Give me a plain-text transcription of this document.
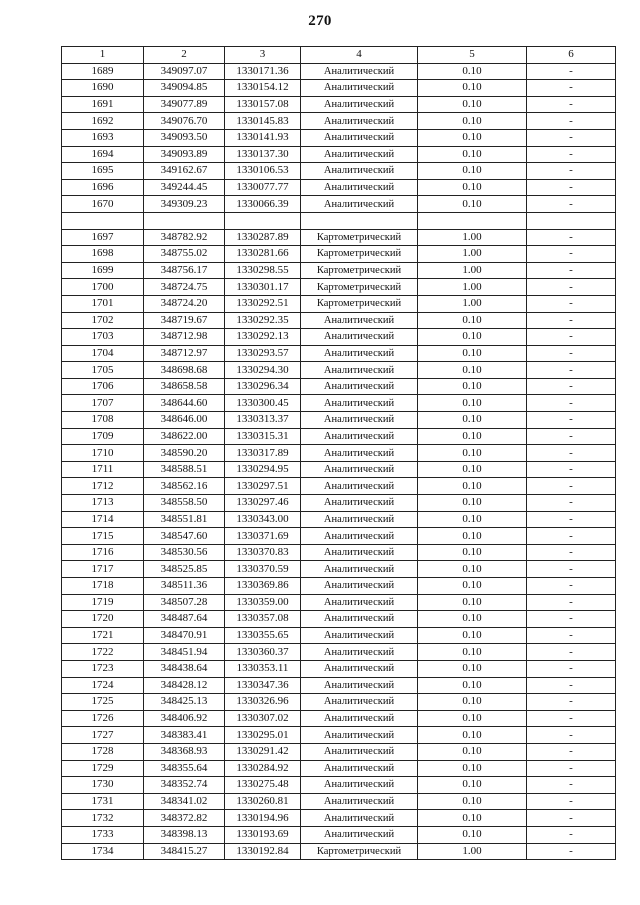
270
1	2	3	4	5	6
1689	349097.07	1330171.36	Аналитический	0.10	-
1690	349094.85	1330154.12	Аналитический	0.10	-
1691	349077.89	1330157.08	Аналитический	0.10	-
1692	349076.70	1330145.83	Аналитический	0.10	-
1693	349093.50	1330141.93	Аналитический	0.10	-
1694	349093.89	1330137.30	Аналитический	0.10	-
1695	349162.67	1330106.53	Аналитический	0.10	-
1696	349244.45	1330077.77	Аналитический	0.10	-
1670	349309.23	1330066.39	Аналитический	0.10	-

1697	348782.92	1330287.89	Картометрический	1.00	-
1698	348755.02	1330281.66	Картометрический	1.00	-
1699	348756.17	1330298.55	Картометрический	1.00	-
1700	348724.75	1330301.17	Картометрический	1.00	-
1701	348724.20	1330292.51	Картометрический	1.00	-
1702	348719.67	1330292.35	Аналитический	0.10	-
1703	348712.98	1330292.13	Аналитический	0.10	-
1704	348712.97	1330293.57	Аналитический	0.10	-
1705	348698.68	1330294.30	Аналитический	0.10	-
1706	348658.58	1330296.34	Аналитический	0.10	-
1707	348644.60	1330300.45	Аналитический	0.10	-
1708	348646.00	1330313.37	Аналитический	0.10	-
1709	348622.00	1330315.31	Аналитический	0.10	-
1710	348590.20	1330317.89	Аналитический	0.10	-
1711	348588.51	1330294.95	Аналитический	0.10	-
1712	348562.16	1330297.51	Аналитический	0.10	-
1713	348558.50	1330297.46	Аналитический	0.10	-
1714	348551.81	1330343.00	Аналитический	0.10	-
1715	348547.60	1330371.69	Аналитический	0.10	-
1716	348530.56	1330370.83	Аналитический	0.10	-
1717	348525.85	1330370.59	Аналитический	0.10	-
1718	348511.36	1330369.86	Аналитический	0.10	-
1719	348507.28	1330359.00	Аналитический	0.10	-
1720	348487.64	1330357.08	Аналитический	0.10	-
1721	348470.91	1330355.65	Аналитический	0.10	-
1722	348451.94	1330360.37	Аналитический	0.10	-
1723	348438.64	1330353.11	Аналитический	0.10	-
1724	348428.12	1330347.36	Аналитический	0.10	-
1725	348425.13	1330326.96	Аналитический	0.10	-
1726	348406.92	1330307.02	Аналитический	0.10	-
1727	348383.41	1330295.01	Аналитический	0.10	-
1728	348368.93	1330291.42	Аналитический	0.10	-
1729	348355.64	1330284.92	Аналитический	0.10	-
1730	348352.74	1330275.48	Аналитический	0.10	-
1731	348341.02	1330260.81	Аналитический	0.10	-
1732	348372.82	1330194.96	Аналитический	0.10	-
1733	348398.13	1330193.69	Аналитический	0.10	-
1734	348415.27	1330192.84	Картометрический	1.00	-
